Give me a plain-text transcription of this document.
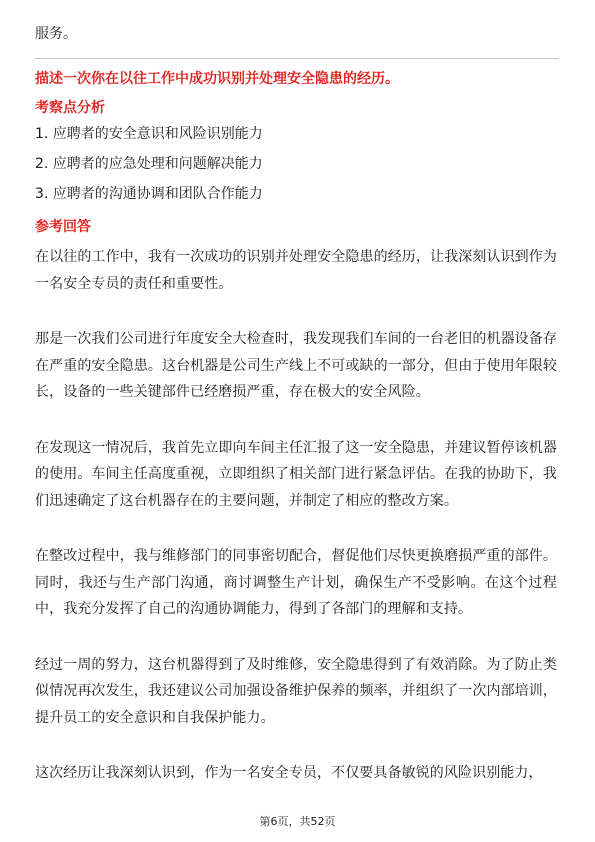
服务。
描述一次你在以往工作中成功识别并处理安全隐患的经历。
考察点分析
1. 应聘者的安全意识和风险识别能力
2. 应聘者的应急处理和问题解决能力
3. 应聘者的沟通协调和团队合作能力
参考回答

在以往的工作中，我有一次成功的识别并处理安全隐患的经历，让我深刻认识到作为一名安全专员的责任和重要性。

那是一次我们公司进行年度安全大检查时，我发现我们车间的一台老旧的机器设备存在严重的安全隐患。这台机器是公司生产线上不可或缺的一部分，但由于使用年限较长，设备的一些关键部件已经磨损严重，存在极大的安全风险。

在发现这一情况后，我首先立即向车间主任汇报了这一安全隐患，并建议暂停该机器的使用。车间主任高度重视，立即组织了相关部门进行紧急评估。在我的协助下，我们迅速确定了这台机器存在的主要问题，并制定了相应的整改方案。

在整改过程中，我与维修部门的同事密切配合，督促他们尽快更换磨损严重的部件。同时，我还与生产部门沟通，商讨调整生产计划，确保生产不受影响。在这个过程中，我充分发挥了自己的沟通协调能力，得到了各部门的理解和支持。

经过一周的努力，这台机器得到了及时维修，安全隐患得到了有效消除。为了防止类似情况再次发生，我还建议公司加强设备维护保养的频率，并组织了一次内部培训，提升员工的安全意识和自我保护能力。

这次经历让我深刻认识到，作为一名安全专员，不仅要具备敏锐的风险识别能力，

第6页，共52页
